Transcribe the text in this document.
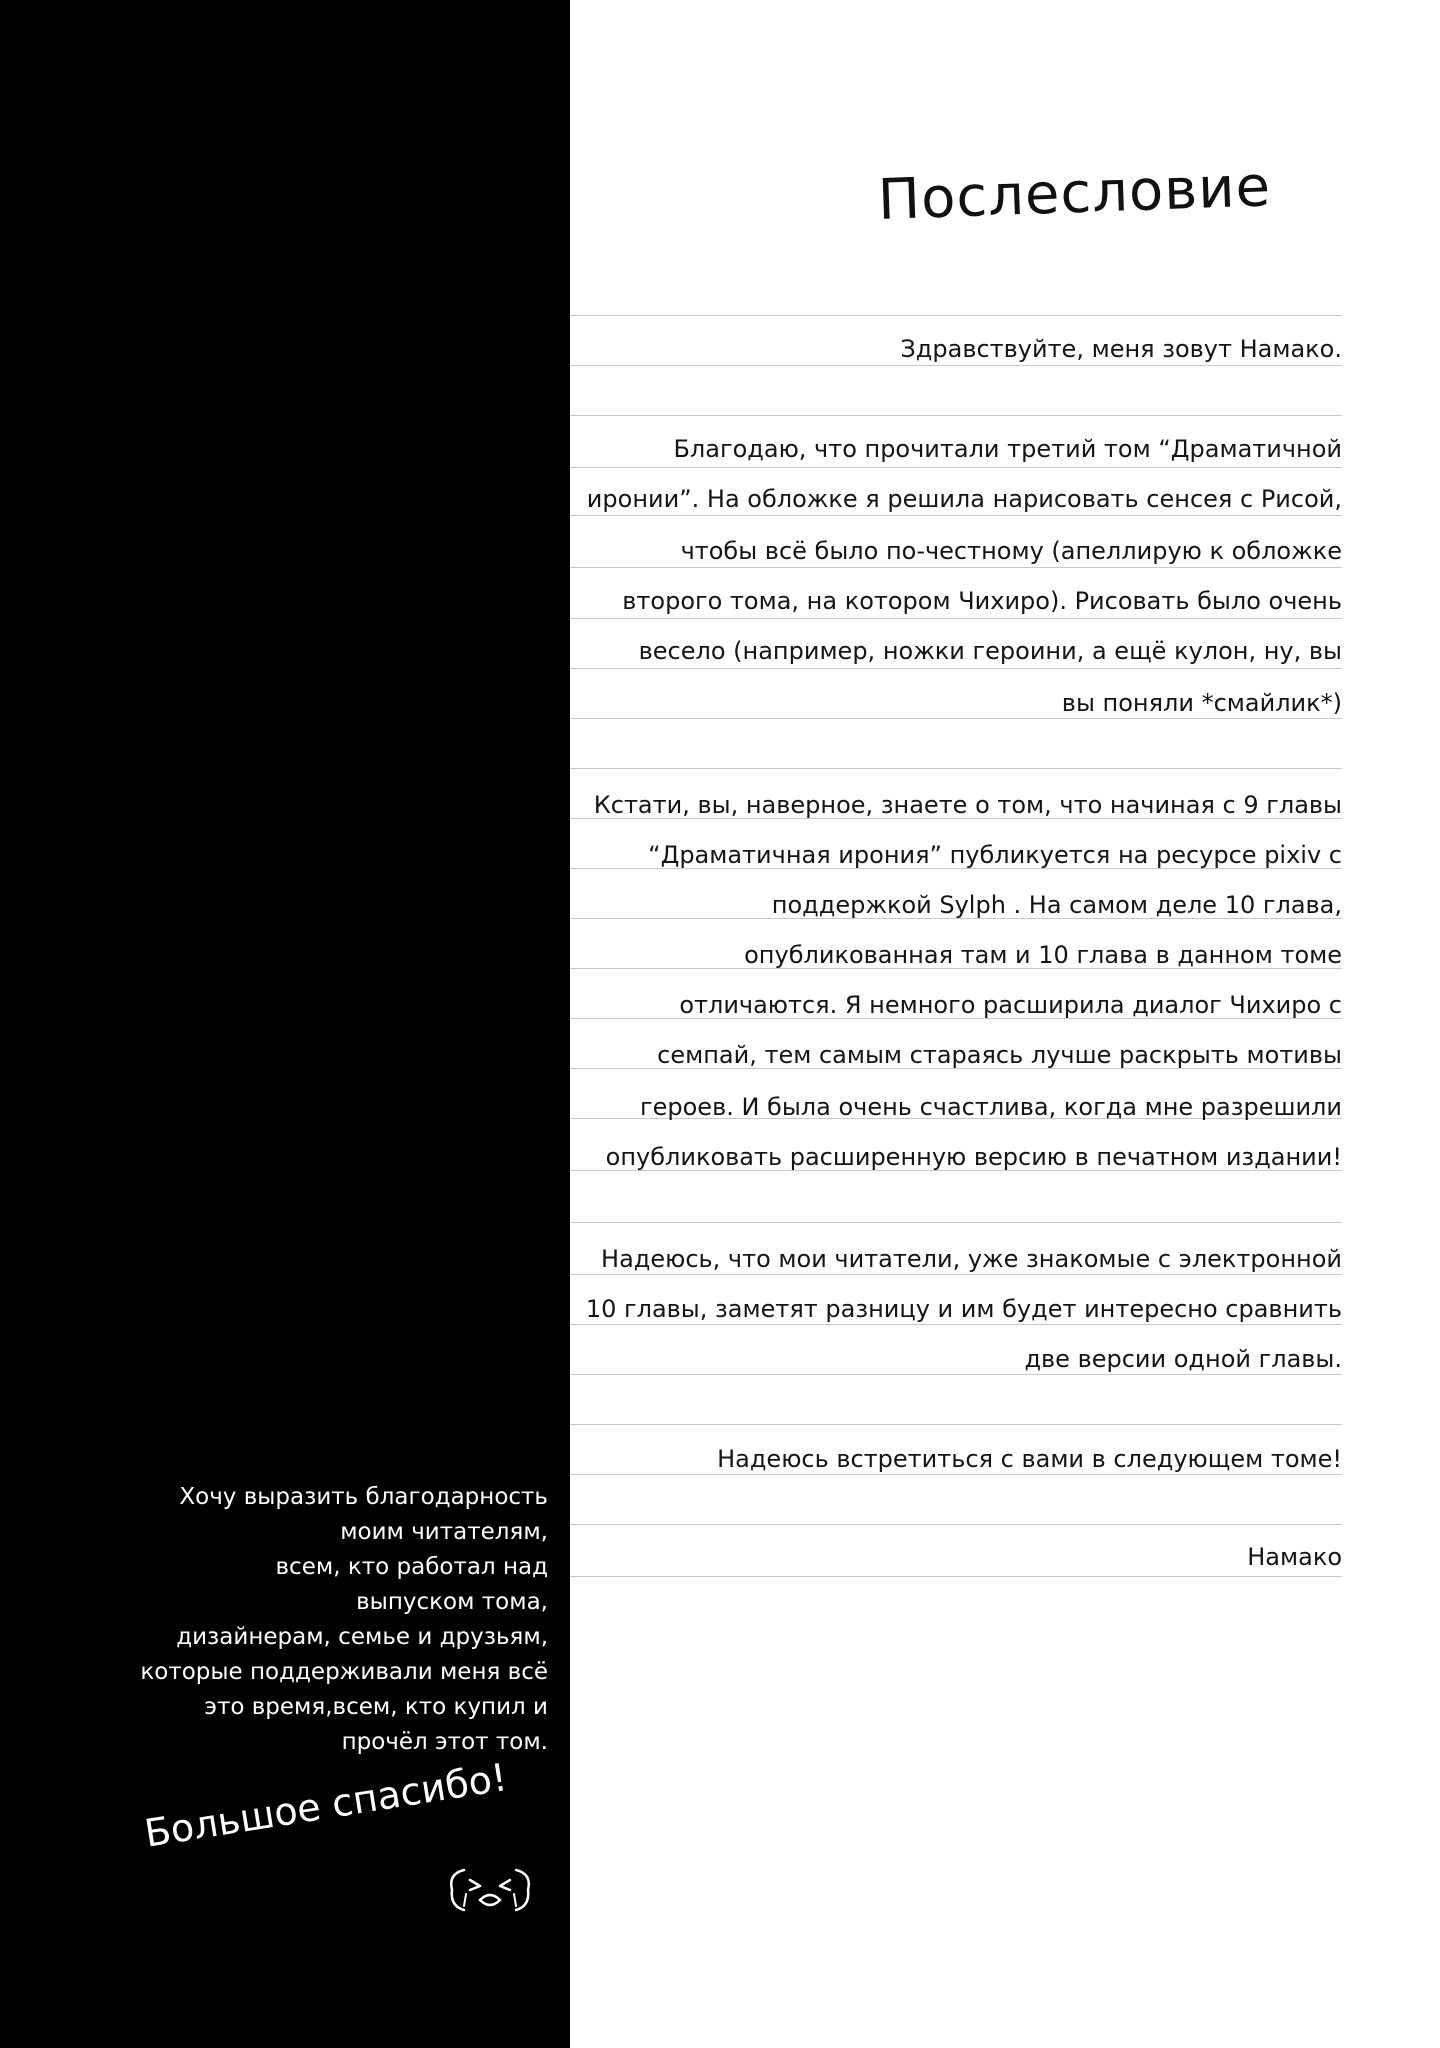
Послесловие
Здравствуйте, меня зовут Намако.
Благодаю, что прочитали третий том “Драматичной
иронии”. На обложке я решила нарисовать сенсея с Рисой,
чтобы всё было по-честному (апеллирую к обложке
второго тома, на котором Чихиро). Рисовать было очень
весело (например, ножки героини, а ещё кулон, ну, вы
вы поняли *смайлик*)
Кстати, вы, наверное, знаете о том, что начиная с 9 главы
“Драматичная ирония” публикуется на ресурсе pixiv с
поддержкой Sylph . На самом деле 10 глава,
опубликованная там и 10 глава в данном томе
отличаются. Я немного расширила диалог Чихиро с
семпай, тем самым стараясь лучше раскрыть мотивы
героев. И была очень счастлива, когда мне разрешили
опубликовать расширенную версию в печатном издании!
Надеюсь, что мои читатели, уже знакомые с электронной
10 главы, заметят разницу и им будет интересно сравнить
две версии одной главы.
Надеюсь встретиться с вами в следующем томе!
Намако
Хочу выразить благодарность
моим читателям,
всем, кто работал над
выпуском тома,
дизайнерам, семье и друзьям,
которые поддерживали меня всё
это время,всем, кто купил и
прочёл этот том.
Большое спасибо!
